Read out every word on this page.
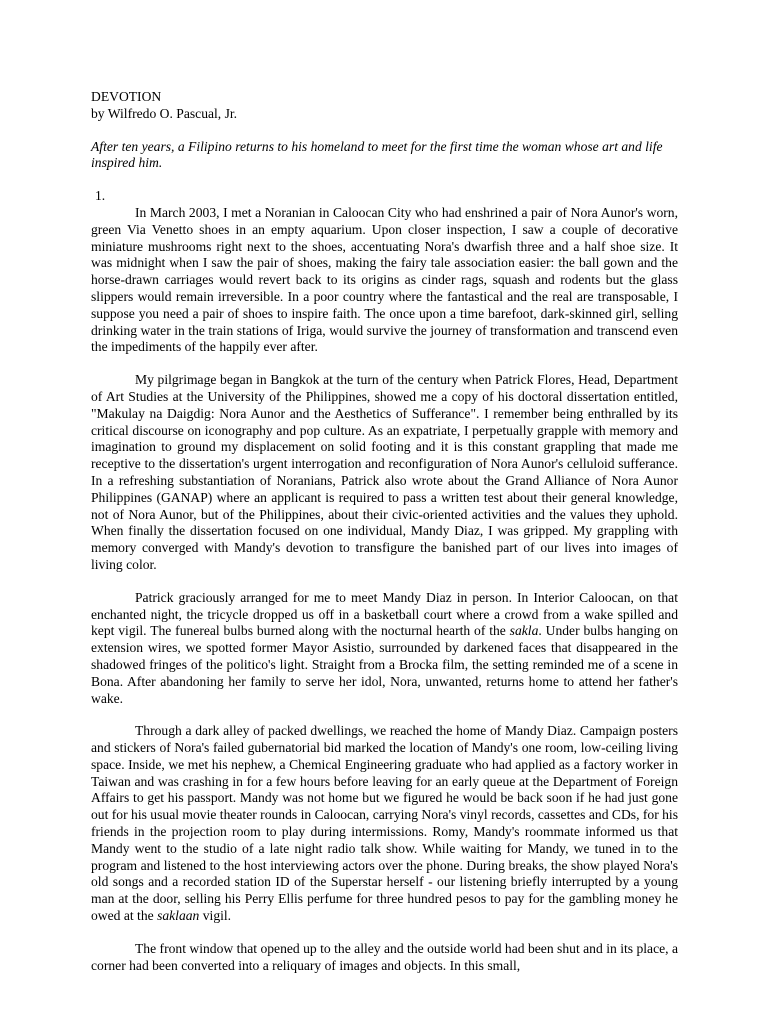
DEVOTION
by Wilfredo O. Pascual, Jr.
After ten years, a Filipino returns to his homeland to meet for the first time the woman whose art and life inspired him.
1.

In March 2003, I met a Noranian in Caloocan City who had enshrined a pair of Nora Aunor's worn, green Via Venetto shoes in an empty aquarium. Upon closer inspection, I saw a couple of decorative miniature mushrooms right next to the shoes, accentuating Nora's dwarfish three and a half shoe size. It was midnight when I saw the pair of shoes, making the fairy tale association easier: the ball gown and the horse-drawn carriages would revert back to its origins as cinder rags, squash and rodents but the glass slippers would remain irreversible. In a poor country where the fantastical and the real are transposable, I suppose you need a pair of shoes to inspire faith. The once upon a time barefoot, dark-skinned girl, selling drinking water in the train stations of Iriga, would survive the journey of transformation and transcend even the impediments of the happily ever after.

My pilgrimage began in Bangkok at the turn of the century when Patrick Flores, Head, Department of Art Studies at the University of the Philippines, showed me a copy of his doctoral dissertation entitled, "Makulay na Daigdig: Nora Aunor and the Aesthetics of Sufferance". I remember being enthralled by its critical discourse on iconography and pop culture. As an expatriate, I perpetually grapple with memory and imagination to ground my displacement on solid footing and it is this constant grappling that made me receptive to the dissertation's urgent interrogation and reconfiguration of Nora Aunor's celluloid sufferance. In a refreshing substantiation of Noranians, Patrick also wrote about the Grand Alliance of Nora Aunor Philippines (GANAP) where an applicant is required to pass a written test about their general knowledge, not of Nora Aunor, but of the Philippines, about their civic-oriented activities and the values they uphold. When finally the dissertation focused on one individual, Mandy Diaz, I was gripped. My grappling with memory converged with Mandy's devotion to transfigure the banished part of our lives into images of living color.

Patrick graciously arranged for me to meet Mandy Diaz in person. In Interior Caloocan, on that enchanted night, the tricycle dropped us off in a basketball court where a crowd from a wake spilled and kept vigil. The funereal bulbs burned along with the nocturnal hearth of the sakla. Under bulbs hanging on extension wires, we spotted former Mayor Asistio, surrounded by darkened faces that disappeared in the shadowed fringes of the politico's light. Straight from a Brocka film, the setting reminded me of a scene in Bona. After abandoning her family to serve her idol, Nora, unwanted, returns home to attend her father's wake.

Through a dark alley of packed dwellings, we reached the home of Mandy Diaz. Campaign posters and stickers of Nora's failed gubernatorial bid marked the location of Mandy's one room, low-ceiling living space. Inside, we met his nephew, a Chemical Engineering graduate who had applied as a factory worker in Taiwan and was crashing in for a few hours before leaving for an early queue at the Department of Foreign Affairs to get his passport. Mandy was not home but we figured he would be back soon if he had just gone out for his usual movie theater rounds in Caloocan, carrying Nora's vinyl records, cassettes and CDs, for his friends in the projection room to play during intermissions. Romy, Mandy's roommate informed us that Mandy went to the studio of a late night radio talk show. While waiting for Mandy, we tuned in to the program and listened to the host interviewing actors over the phone. During breaks, the show played Nora's old songs and a recorded station ID of the Superstar herself - our listening briefly interrupted by a young man at the door, selling his Perry Ellis perfume for three hundred pesos to pay for the gambling money he owed at the saklaan vigil.

The front window that opened up to the alley and the outside world had been shut and in its place, a corner had been converted into a reliquary of images and objects. In this small,
